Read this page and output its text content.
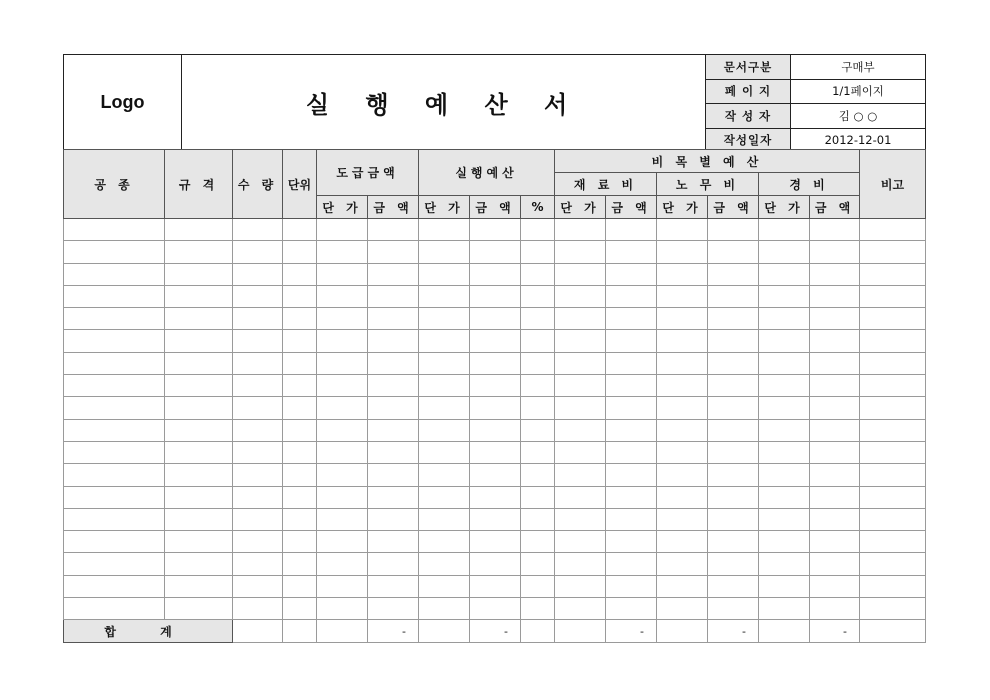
Logo	실 행 예 산 서
문서구분	구매부
페 이 지	1/1페이지
작 성 자	김 ○ ○
작성일자	2012-12-01
공 종	규 격	수 량	단위	도급금액		실행예산			비 목 별 예 산						비고
									재 료 비		노 무 비		경 비		
				단 가	금 액	단 가	금 액	%	단 가	금 액	단 가	금 액	단 가	금 액	

합 계					-		-			-		-		-	
